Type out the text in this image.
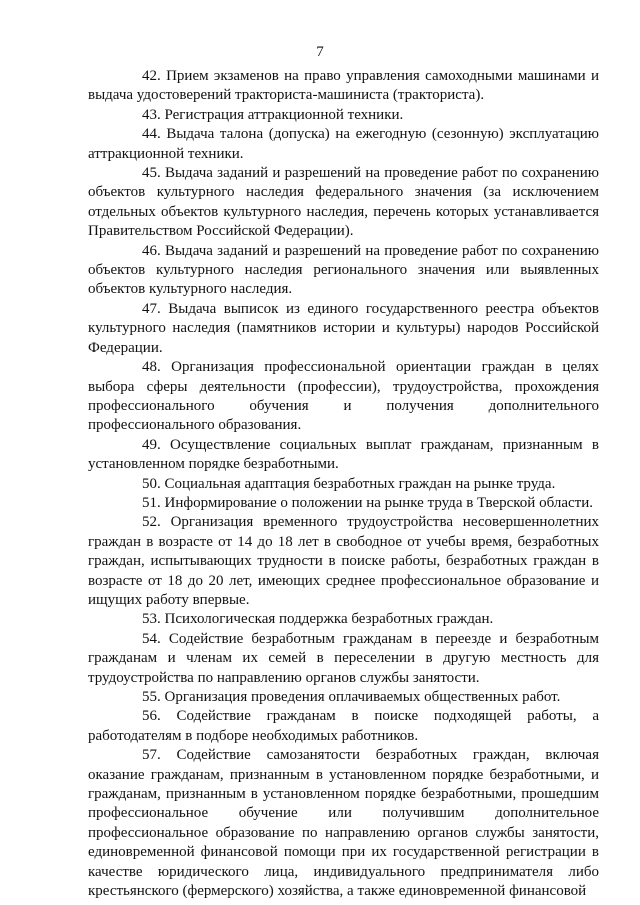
7

42. Прием экзаменов на право управления самоходными машинами и выдача удостоверений тракториста-машиниста (тракториста).

43. Регистрация аттракционной техники.

44. Выдача талона (допуска) на ежегодную (сезонную) эксплуатацию аттракционной техники.

45. Выдача заданий и разрешений на проведение работ по сохранению объектов культурного наследия федерального значения (за исключением отдельных объектов культурного наследия, перечень которых устанавливается Правительством Российской Федерации).

46. Выдача заданий и разрешений на проведение работ по сохранению объектов культурного наследия регионального значения или выявленных объектов культурного наследия.

47. Выдача выписок из единого государственного реестра объектов культурного наследия (памятников истории и культуры) народов Российской Федерации.

48. Организация профессиональной ориентации граждан в целях выбора сферы деятельности (профессии), трудоустройства, прохождения профессионального обучения и получения дополнительного профессионального образования.

49. Осуществление социальных выплат гражданам, признанным в установленном порядке безработными.

50. Социальная адаптация безработных граждан на рынке труда.

51. Информирование о положении на рынке труда в Тверской области.

52. Организация временного трудоустройства несовершеннолетних граждан в возрасте от 14 до 18 лет в свободное от учебы время, безработных граждан, испытывающих трудности в поиске работы, безработных граждан в возрасте от 18 до 20 лет, имеющих среднее профессиональное образование и ищущих работу впервые.

53. Психологическая поддержка безработных граждан.

54. Содействие безработным гражданам в переезде и безработным гражданам и членам их семей в переселении в другую местность для трудоустройства по направлению органов службы занятости.

55. Организация проведения оплачиваемых общественных работ.

56. Содействие гражданам в поиске подходящей работы, а работодателям в подборе необходимых работников.

57. Содействие самозанятости безработных граждан, включая оказание гражданам, признанным в установленном порядке безработными, и гражданам, признанным в установленном порядке безработными, прошедшим профессиональное обучение или получившим дополнительное профессиональное образование по направлению органов службы занятости, единовременной финансовой помощи при их государственной регистрации в качестве юридического лица, индивидуального предпринимателя либо крестьянского (фермерского) хозяйства, а также единовременной финансовой
